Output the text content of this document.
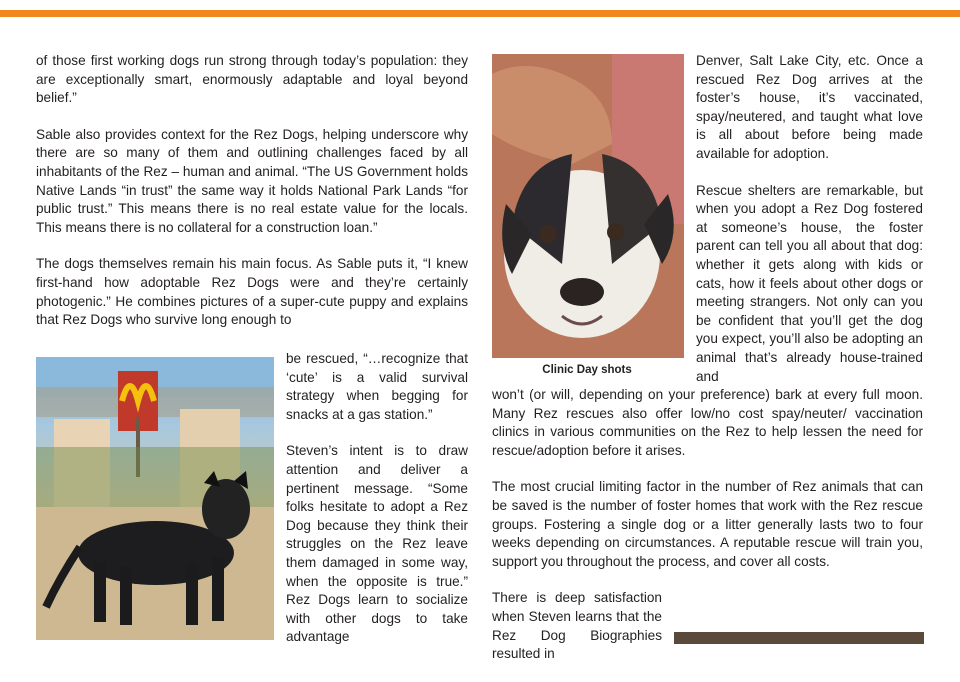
of those first working dogs run strong through today’s population: they are exceptionally smart, enormously adaptable and loyal beyond belief.”

Sable also provides context for the Rez Dogs, helping underscore why there are so many of them and outlining challenges faced by all inhabitants of the Rez – human and animal. “The US Government holds Native Lands “in trust” the same way it holds National Park Lands “for public trust.” This means there is no real estate value for the locals. This means there is no collateral for a construction loan.”

The dogs themselves remain his main focus. As Sable puts it, “I knew first-hand how adoptable Rez Dogs were and they’re certainly photogenic.” He combines pictures of a super-cute puppy and explains that Rez Dogs who survive long enough to

be rescued, “…recognize that ‘cute’ is a valid survival strategy when begging for snacks at a gas station.”

Steven’s intent is to draw attention and deliver a pertinent message. “Some folks hesitate to adopt a Rez Dog because they think their struggles on the Rez leave them damaged in some way, when the opposite is true.” Rez Dogs learn to socialize with other dogs to take advantage

Clinic Day shots

Denver, Salt Lake City, etc. Once a rescued Rez Dog arrives at the foster’s house, it’s vaccinated, spay/neutered, and taught what love is all about before being made available for adoption.

Rescue shelters are remarkable, but when you adopt a Rez Dog fostered at someone’s house, the foster parent can tell you all about that dog: whether it gets along with kids or cats, how it feels about other dogs or meeting strangers. Not only can you be confident that you’ll get the dog you expect, you’ll also be adopting an animal that’s already house-trained and

won’t (or will, depending on your preference) bark at every full moon. Many Rez rescues also offer low/no cost spay/neuter/ vaccination clinics in various communities on the Rez to help lessen the need for rescue/adoption before it arises.

The most crucial limiting factor in the number of Rez animals that can be saved is the number of foster homes that work with the Rez rescue groups. Fostering a single dog or a litter generally lasts two to four weeks depending on circumstances. A reputable rescue will train you, support you throughout the process, and cover all costs.

There is deep satisfaction when Steven learns that the Rez Dog Biographies resulted in
